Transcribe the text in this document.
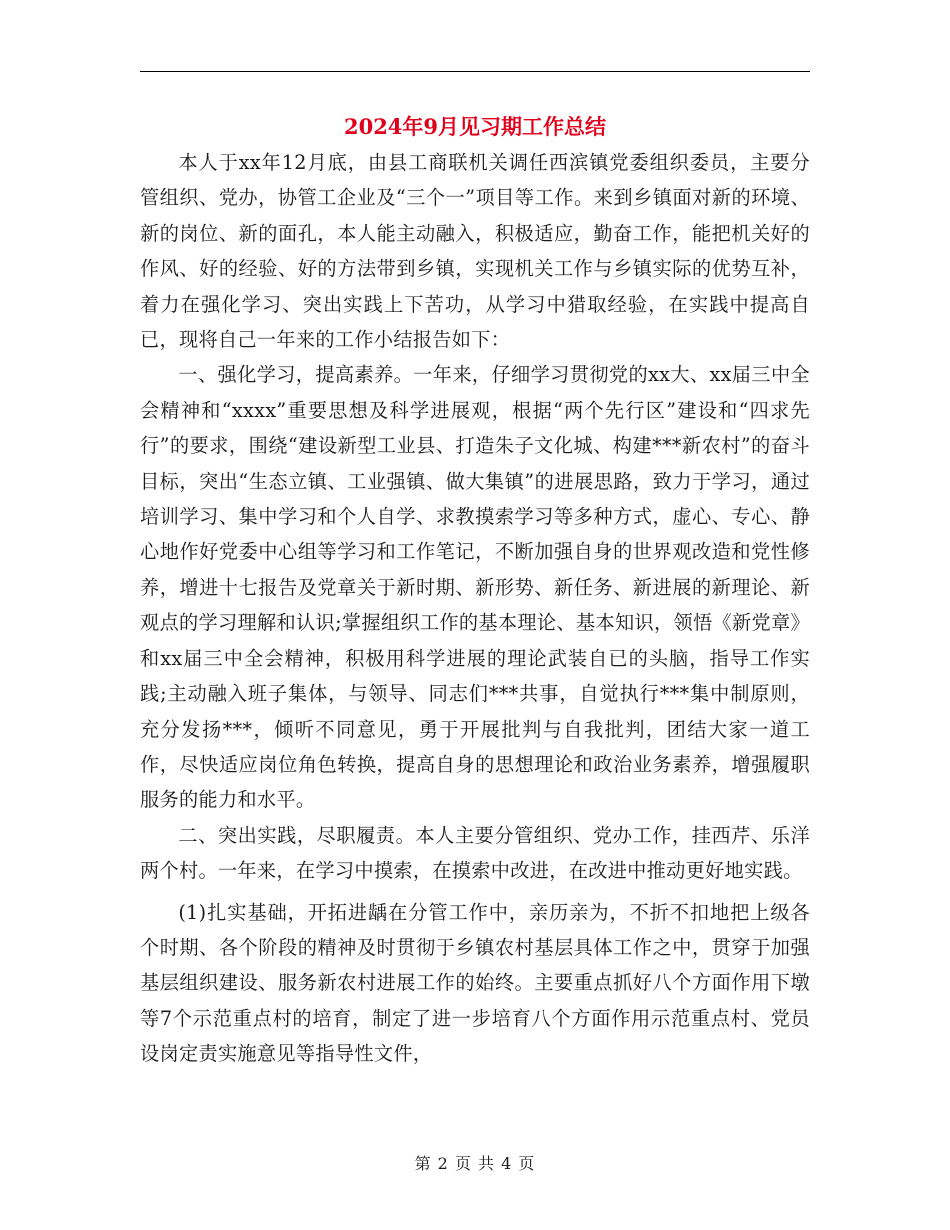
2024年9月见习期工作总结

本人于xx年12月底，由县工商联机关调任西滨镇党委组织委员，主要分管组织、党办，协管工企业及“三个一”项目等工作。来到乡镇面对新的环境、新的岗位、新的面孔，本人能主动融入，积极适应，勤奋工作，能把机关好的作风、好的经验、好的方法带到乡镇，实现机关工作与乡镇实际的优势互补，着力在强化学习、突出实践上下苦功，从学习中猎取经验，在实践中提高自已，现将自己一年来的工作小结报告如下：

一、强化学习，提高素养。一年来，仔细学习贯彻党的xx大、xx届三中全会精神和“xxxx”重要思想及科学进展观，根据“两个先行区”建设和“四求先行”的要求，围绕“建设新型工业县、打造朱子文化城、构建***新农村”的奋斗目标，突出“生态立镇、工业强镇、做大集镇”的进展思路，致力于学习，通过培训学习、集中学习和个人自学、求教摸索学习等多种方式，虚心、专心、静心地作好党委中心组等学习和工作笔记，不断加强自身的世界观改造和党性修养，增进十七报告及党章关于新时期、新形势、新任务、新进展的新理论、新观点的学习理解和认识;掌握组织工作的基本理论、基本知识，领悟《新党章》和xx届三中全会精神，积极用科学进展的理论武装自已的头脑，指导工作实践;主动融入班子集体，与领导、同志们***共事，自觉执行***集中制原则，充分发扬***，倾听不同意见，勇于开展批判与自我批判，团结大家一道工作，尽快适应岗位角色转换，提高自身的思想理论和政治业务素养，增强履职服务的能力和水平。

二、突出实践，尽职履责。本人主要分管组织、党办工作，挂西芹、乐洋两个村。一年来，在学习中摸索，在摸索中改进，在改进中推动更好地实践。

(1)扎实基础，开拓进龋在分管工作中，亲历亲为，不折不扣地把上级各个时期、各个阶段的精神及时贯彻于乡镇农村基层具体工作之中，贯穿于加强基层组织建设、服务新农村进展工作的始终。主要重点抓好八个方面作用下墩等7个示范重点村的培育，制定了进一步培育八个方面作用示范重点村、党员设岗定责实施意见等指导性文件，

第 2 页 共 4 页
